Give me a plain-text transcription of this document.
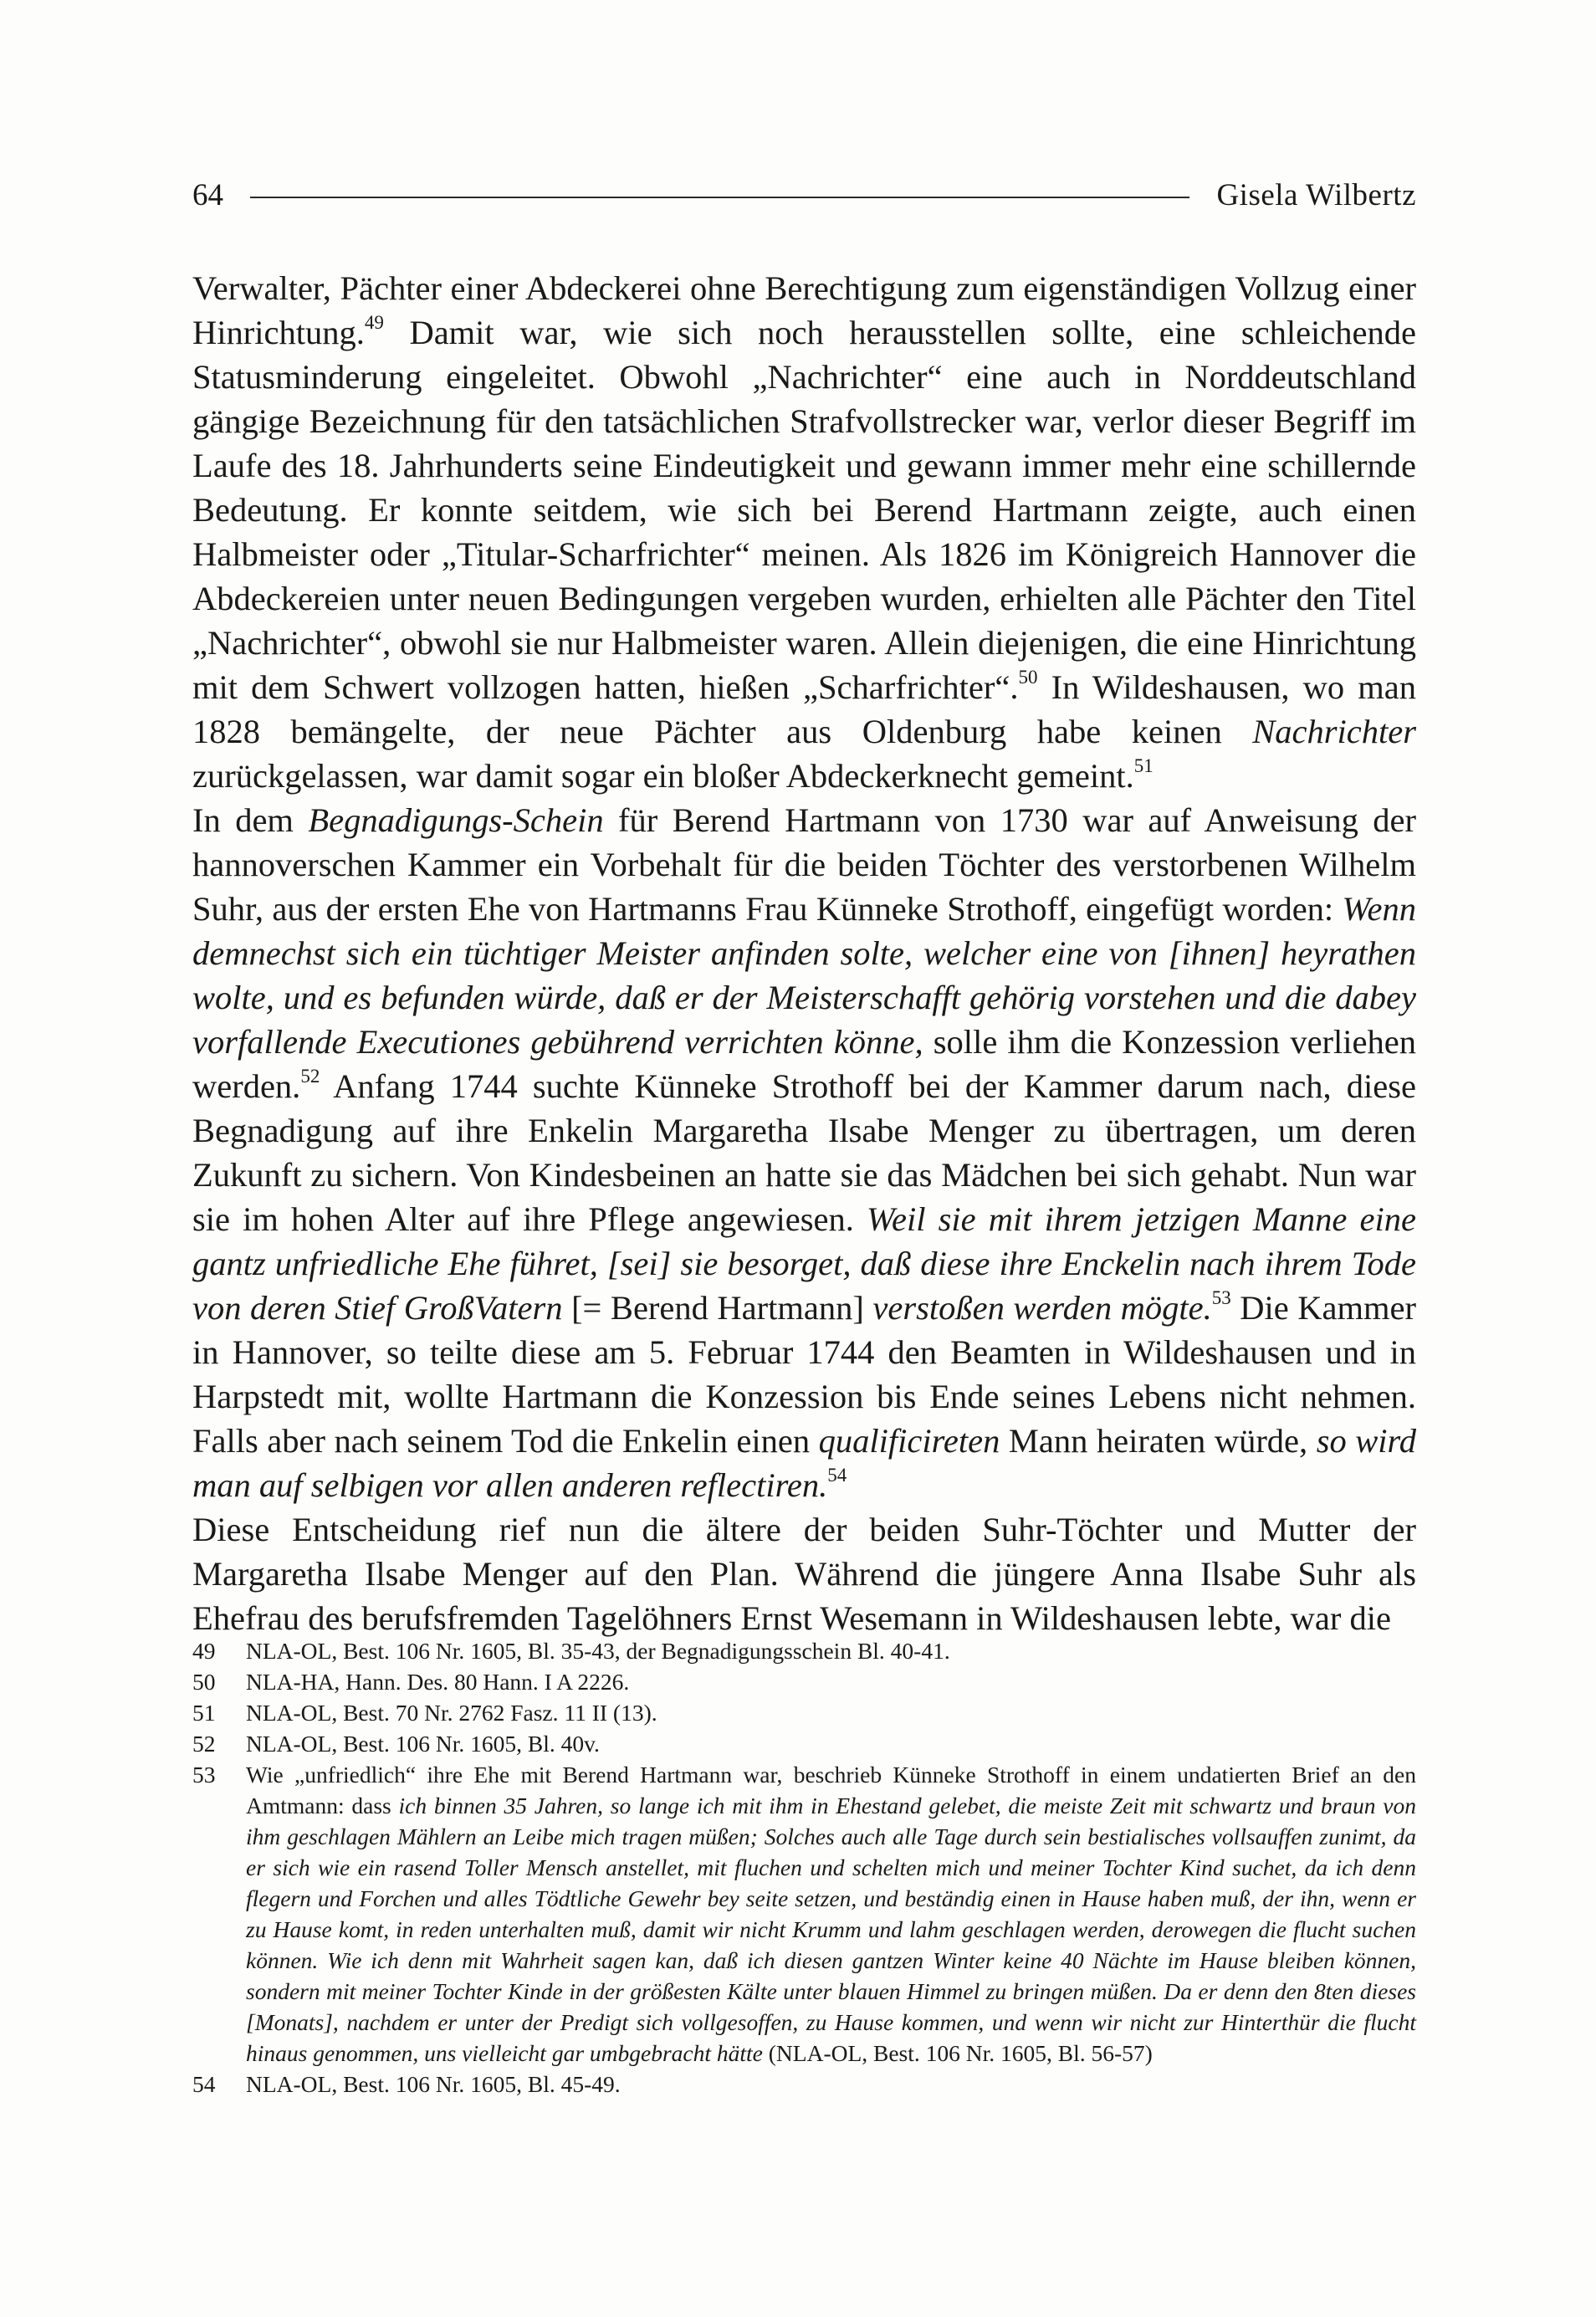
64	Gisela Wilbertz

Verwalter, Pächter einer Abdeckerei ohne Berechtigung zum eigenständigen Vollzug einer Hinrichtung.$^{49}$ Damit war, wie sich noch herausstellen sollte, eine schleichende Statusminderung eingeleitet. Obwohl „Nachrichter“ eine auch in Norddeutschland gängige Bezeichnung für den tatsächlichen Strafvollstrecker war, verlor dieser Begriff im Laufe des 18. Jahrhunderts seine Eindeutigkeit und gewann immer mehr eine schillernde Bedeutung. Er konnte seitdem, wie sich bei Berend Hartmann zeigte, auch einen Halbmeister oder „Titular-Scharfrichter“ meinen. Als 1826 im Königreich Hannover die Abdeckereien unter neuen Bedingungen vergeben wurden, erhielten alle Pächter den Titel „Nachrichter“, obwohl sie nur Halbmeister waren. Allein diejenigen, die eine Hinrichtung mit dem Schwert vollzogen hatten, hießen „Scharfrichter“.$^{50}$ In Wildeshausen, wo man 1828 bemängelte, der neue Pächter aus Oldenburg habe keinen Nachrichter zurückgelassen, war damit sogar ein bloßer Abdeckerknecht gemeint.$^{51}$

In dem Begnadigungs-Schein für Berend Hartmann von 1730 war auf Anweisung der hannoverschen Kammer ein Vorbehalt für die beiden Töchter des verstorbenen Wilhelm Suhr, aus der ersten Ehe von Hartmanns Frau Künneke Strothoff, eingefügt worden: Wenn demnechst sich ein tüchtiger Meister anfinden solte, welcher eine von [ihnen] heyrathen wolte, und es befunden würde, daß er der Meisterschafft gehörig vorstehen und die dabey vorfallende Executiones gebührend verrichten könne, solle ihm die Konzession verliehen werden.$^{52}$ Anfang 1744 suchte Künneke Strothoff bei der Kammer darum nach, diese Begnadigung auf ihre Enkelin Margaretha Ilsabe Menger zu übertragen, um deren Zukunft zu sichern. Von Kindesbeinen an hatte sie das Mädchen bei sich gehabt. Nun war sie im hohen Alter auf ihre Pflege angewiesen. Weil sie mit ihrem jetzigen Manne eine gantz unfriedliche Ehe führet, [sei] sie besorget, daß diese ihre Enckelin nach ihrem Tode von deren Stief GroßVatern [= Berend Hartmann] verstoßen werden mögte.$^{53}$ Die Kammer in Hannover, so teilte diese am 5. Februar 1744 den Beamten in Wildeshausen und in Harpstedt mit, wollte Hartmann die Konzession bis Ende seines Lebens nicht nehmen. Falls aber nach seinem Tod die Enkelin einen qualificireten Mann heiraten würde, so wird man auf selbigen vor allen anderen reflectiren.$^{54}$

Diese Entscheidung rief nun die ältere der beiden Suhr-Töchter und Mutter der Margaretha Ilsabe Menger auf den Plan. Während die jüngere Anna Ilsabe Suhr als Ehefrau des berufsfremden Tagelöhners Ernst Wesemann in Wildeshausen lebte, war die

49	NLA-OL, Best. 106 Nr. 1605, Bl. 35-43, der Begnadigungsschein Bl. 40-41.
50	NLA-HA, Hann. Des. 80 Hann. I A 2226.
51	NLA-OL, Best. 70 Nr. 2762 Fasz. 11 II (13).
52	NLA-OL, Best. 106 Nr. 1605, Bl. 40v.
53	Wie „unfriedlich“ ihre Ehe mit Berend Hartmann war, beschrieb Künneke Strothoff in einem undatierten Brief an den Amtmann: dass ich binnen 35 Jahren, so lange ich mit ihm in Ehestand gelebet, die meiste Zeit mit schwartz und braun von ihm geschlagen Mählern an Leibe mich tragen müßen; Solches auch alle Tage durch sein bestialisches vollsauffen zunimt, da er sich wie ein rasend Toller Mensch anstellet, mit fluchen und schelten mich und meiner Tochter Kind suchet, da ich denn flegern und Forchen und alles Tödtliche Gewehr bey seite setzen, und beständig einen in Hause haben muß, der ihn, wenn er zu Hause komt, in reden unterhalten muß, damit wir nicht Krumm und lahm geschlagen werden, derowegen die flucht suchen können. Wie ich denn mit Wahrheit sagen kan, daß ich diesen gantzen Winter keine 40 Nächte im Hause bleiben können, sondern mit meiner Tochter Kinde in der größesten Kälte unter blauen Himmel zu bringen müßen. Da er denn den 8ten dieses [Monats], nachdem er unter der Predigt sich vollgesoffen, zu Hause kommen, und wenn wir nicht zur Hinterthür die flucht hinaus genommen, uns vielleicht gar umbgebracht hätte (NLA-OL, Best. 106 Nr. 1605, Bl. 56-57)
54	NLA-OL, Best. 106 Nr. 1605, Bl. 45-49.
